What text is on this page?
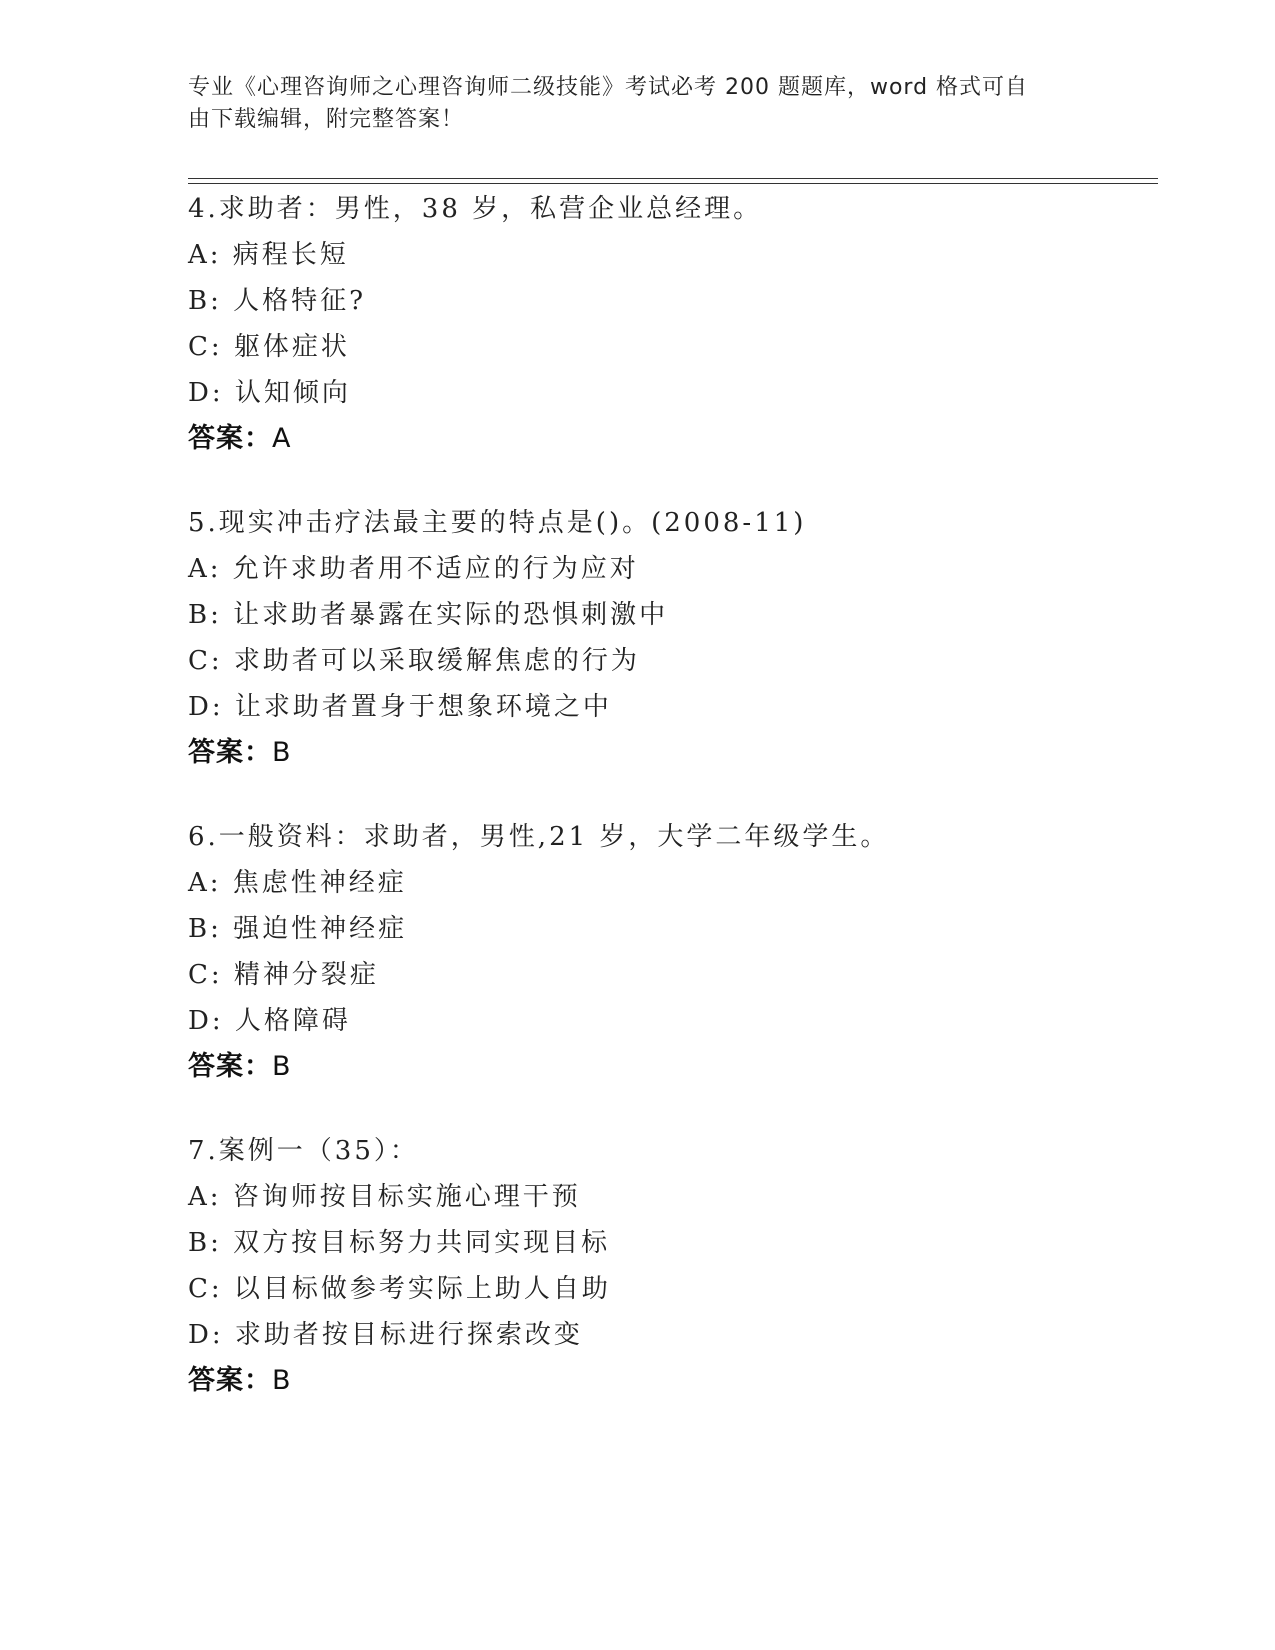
专业《心理咨询师之心理咨询师二级技能》考试必考 200 题题库，word 格式可自
由下载编辑，附完整答案！
4.求助者：男性，38 岁，私营企业总经理。
A: 病程长短
B: 人格特征?
C: 躯体症状
D: 认知倾向
答案：A
5.现实冲击疗法最主要的特点是()。(2008-11)
A: 允许求助者用不适应的行为应对
B: 让求助者暴露在实际的恐惧刺激中
C: 求助者可以采取缓解焦虑的行为
D: 让求助者置身于想象环境之中
答案：B
6.一般资料：求助者，男性,21 岁，大学二年级学生。
A: 焦虑性神经症
B: 强迫性神经症
C: 精神分裂症
D: 人格障碍
答案：B
7.案例一（35）：
A: 咨询师按目标实施心理干预
B: 双方按目标努力共同实现目标
C: 以目标做参考实际上助人自助
D: 求助者按目标进行探索改变
答案：B
